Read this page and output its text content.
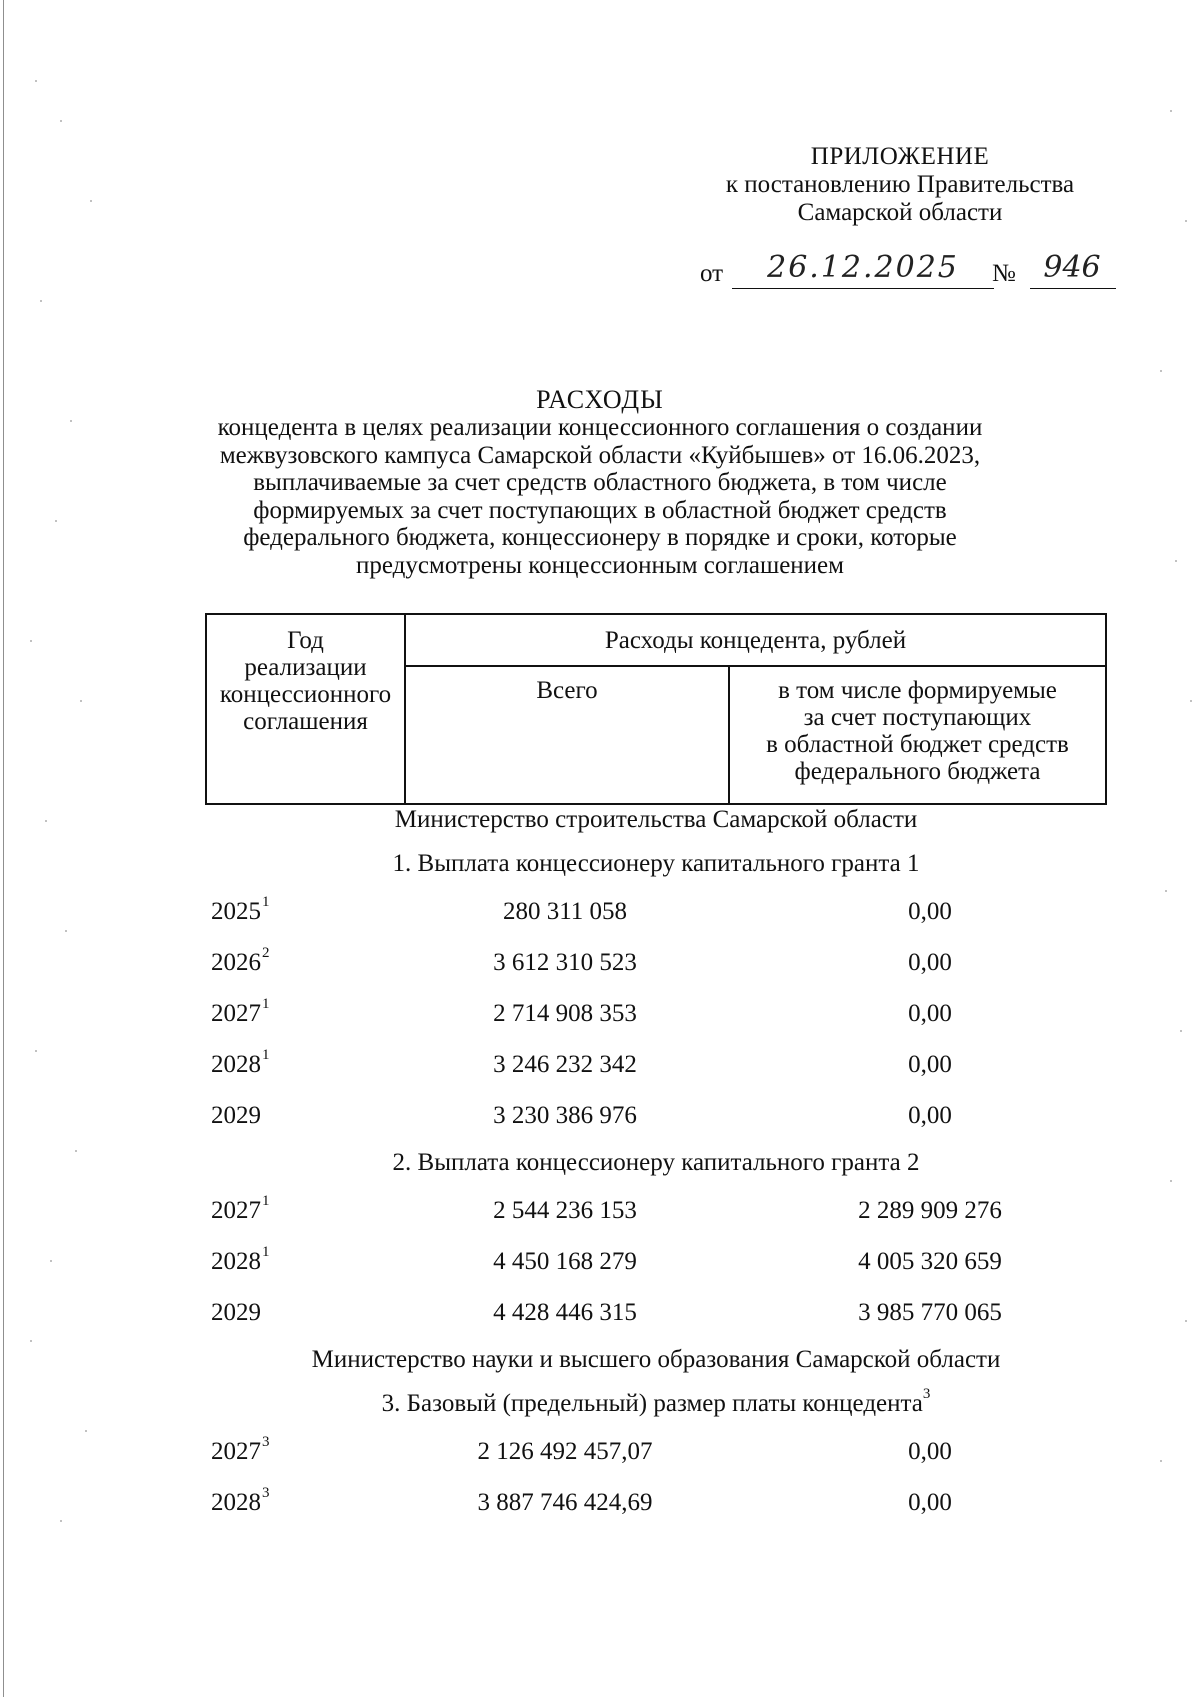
ПРИЛОЖЕНИЕ
к постановлению Правительства
Самарской области
от	26.12.2025	№ 946
РАСХОДЫ
концедента в целях реализации концессионного соглашения о создании
межвузовского кампуса Самарской области «Куйбышев» от 16.06.2023,
выплачиваемые за счет средств областного бюджета, в том числе
формируемых за счет поступающих в областной бюджет средств
федерального бюджета, концессионеру в порядке и сроки, которые
предусмотрены концессионным соглашением
Год
реализации
концессионного
соглашения	Расходы концедента, рублей	
	Всего	в том числе формируемые
за счет поступающих
в областной бюджет средств
федерального бюджета
Министерство строительства Самарской области
1. Выплата концессионеру капитального гранта 1
2025$^1$	280 311 058	0,00
2026$^2$	3 612 310 523	0,00
2027$^1$	2 714 908 353	0,00
2028$^1$	3 246 232 342	0,00
2029	3 230 386 976	0,00
2. Выплата концессионеру капитального гранта 2
2027$^1$	2 544 236 153	2 289 909 276
2028$^1$	4 450 168 279	4 005 320 659
2029	4 428 446 315	3 985 770 065
Министерство науки и высшего образования Самарской области
3. Базовый (предельный) размер платы концедента$^3$
2027$^3$	2 126 492 457,07	0,00
2028$^3$	3 887 746 424,69	0,00
